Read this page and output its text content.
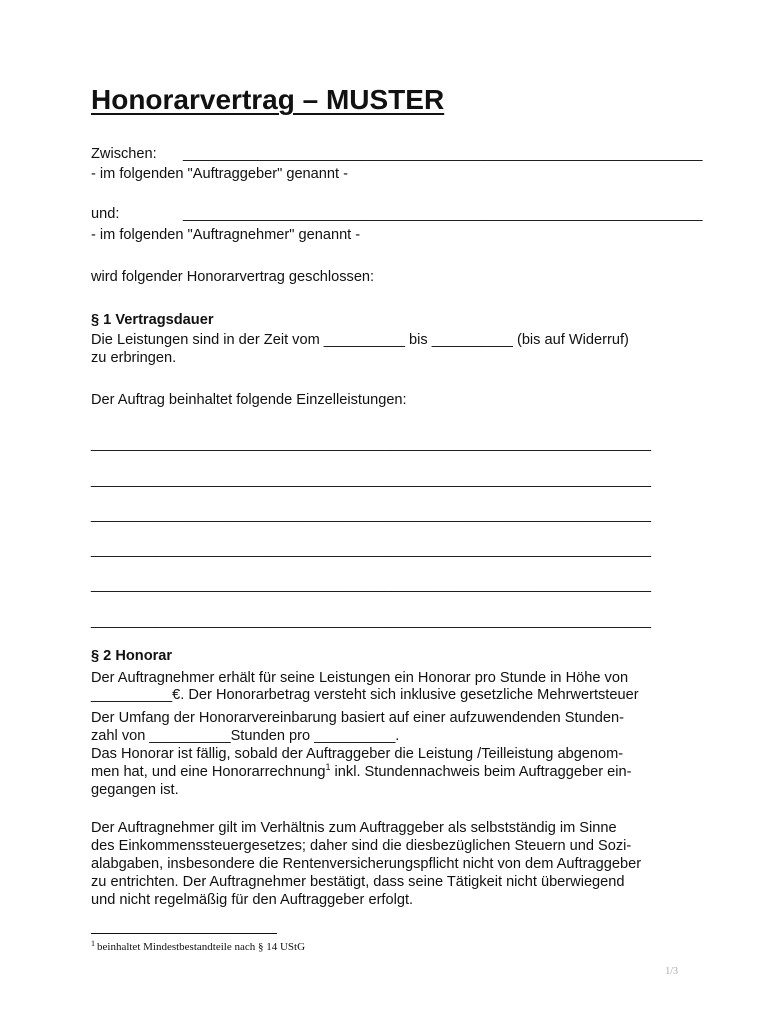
Honorarvertrag – MUSTER

Zwischen: ________________________________________________________________

- im folgenden "Auftraggeber" genannt -

und:	________________________________________________________________

- im folgenden "Auftragnehmer" genannt -

wird folgender Honorarvertrag geschlossen:

§ 1 Vertragsdauer

Die Leistungen sind in der Zeit vom __________ bis __________ (bis auf Widerruf)

zu erbringen.

Der Auftrag beinhaltet folgende Einzelleistungen:

_____________________________________________________________________

_____________________________________________________________________

_____________________________________________________________________

_____________________________________________________________________

_____________________________________________________________________

_____________________________________________________________________

§ 2 Honorar

Der Auftragnehmer erhält für seine Leistungen ein Honorar pro Stunde in Höhe von

__________€. Der Honorarbetrag versteht sich inklusive gesetzliche Mehrwertsteuer

Der Umfang der Honorarvereinbarung basiert auf einer aufzuwendenden Stunden-

zahl von __________Stunden pro __________.

Das Honorar ist fällig, sobald der Auftraggeber die Leistung /Teilleistung abgenom-

men hat, und eine Honorarrechnung$^1$ inkl. Stundennachweis beim Auftraggeber ein-

gegangen ist.

Der Auftragnehmer gilt im Verhältnis zum Auftraggeber als selbstständig im Sinne

des Einkommenssteuergesetzes; daher sind die diesbezüglichen Steuern und Sozi-

alabgaben, insbesondere die Rentenversicherungspflicht nicht von dem Auftraggeber

zu entrichten. Der Auftragnehmer bestätigt, dass seine Tätigkeit nicht überwiegend

und nicht regelmäßig für den Auftraggeber erfolgt.

$^1$ beinhaltet Mindestbestandteile nach § 14 UStG
1/3
